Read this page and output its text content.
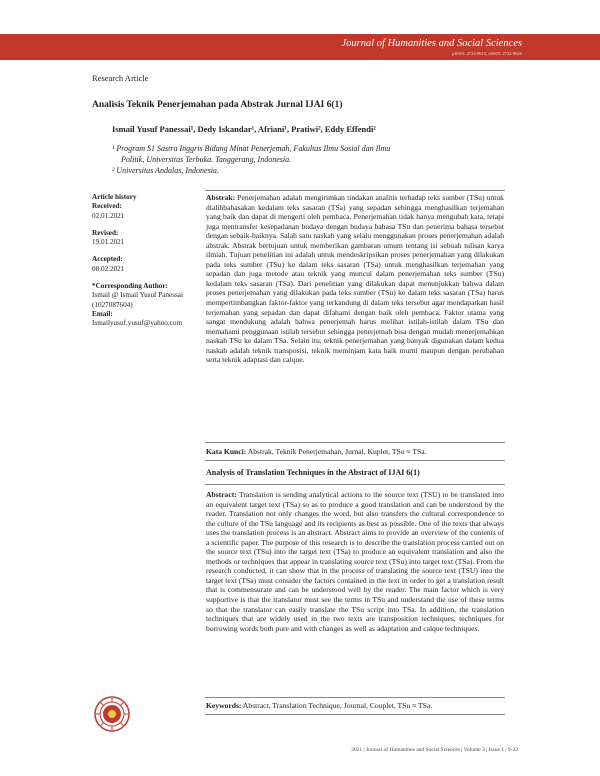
Journal of Humanities and Social Sciences
pISSN: 2722-9610, eISSN: 2722-9629
Research Article
Analisis Teknik Penerjemahan pada Abstrak Jurnal IJAI 6(1)
Ismail Yusuf Panessai¹, Dedy Iskandar¹, Afriani¹, Pratiwi², Eddy Effendi²

¹ Program S1 Sastra Inggris Bidang Minat Penerjemah, Fakultas Ilmu Sosial dan Ilmu

Politik, Universitas Terbuka. Tanggerang, Indonesia.

² Universitas Andalas, Indonesia.

Article history

Received:

02.01.2021

Revised:

19.01.2021

Accepted:

08.02.2021

*Corresponding Author:

Ismail @ Ismail Yusuf Panessai (1027087604)

Email:

Ismailyusuf.yusuf@yahoo.com

Abstrak: Penerjemahan adalah mengirimkan tindakan analitis terhadap teks sumber (TSu) untuk dialihbahasakan kedalam teks sasaran (TSa) yang sepadan sehingga menghasilkan terjemahan yang baik dan dapat di mengerti oleh pembaca. Penerjemahan tidak hanya mengubah kata, tetapi juga mentransfer kesepadanan budaya dengan budaya bahasa TSu dan penerima bahasa tersebut dengan sebaik-baiknya. Salah satu naskah yang selalu menggunakan proses penerjemahan adalah abstrak. Abstrak bertujuan untuk memberikan gambaran umum tentang isi sebuah tulisan karya ilmiah. Tujuan penelitian ini adalah untuk mendeskripsikan proses penerjemahan yang dilakukan pada teks sumber (TSu) ke dalam teks sasaran (TSa) untuk menghasilkan terjemahan yang sepadan dan juga metode atau teknik yang muncul dalam penerjemahan teks sumber (TSu) kedalam teks sasaran (TSa). Dari penelitian yang dilakukan dapat menunjukkan bahwa dalam proses penerjemahan yang dilakukan pada teks sumber (TSu) ke dalam teks sasaran (TSa) harus mempertimbangkan faktor-faktor yang terkandung di dalam teks tersebut agar mendapatkan hasil terjemahan yang sepadan dan dapat difahami dengan baik oleh pembaca. Faktor utama yang sangat mendukung adalah bahwa penerjemah harus melihat istilah-istilah dalam TSu dan memahami penggunaan istilah tersebut sehingga penerjemah bisa dengan mudah menerjemahkan naskah TSu ke dalam TSa. Selain itu, teknik penerjemahan yang banyak digunakan dalam kedua naskah adalah teknik transposisi, teknik meminjam kata baik murni maupun dengan perubahan serta teknik adaptasi dan calque.
Kata Kunci: Abstrak, Teknik Penerjemahan, Jurnal, Kuplet, TSu ≈ TSa.
Analysis of Translation Techniques in the Abstract of IJAI 6(1)
Abstract: Translation is sending analytical actions to the source text (TSU) to be translated into an equivalent target text (TSa) so as to produce a good translation and can be understood by the reader. Translation not only changes the word, but also transfers the cultural correspondence to the culture of the TSu language and its recipients as best as possible. One of the texts that always uses the translation process is an abstract. Abstract aims to provide an overview of the contents of a scientific paper. The purpose of this research is to describe the translation process carried out on the source text (TSu) into the target text (TSa) to produce an equivalent translation and also the methods or techniques that appear in translating source text (TSu) into target text (TSa). From the research conducted, it can show that in the process of translating the source text (TSU) into the target text (TSa) must consider the factors contained in the text in order to get a translation result that is commensurate and can be understood well by the reader. The main factor which is very supportive is that the translator must see the terms in TSu and understand the use of these terms so that the translator can easily translate the TSu script into TSa. In addition, the translation techniques that are widely used in the two texts are transposition techniques, techniques for borrowing words both pure and with changes as well as adaptation and calque techniques.
Keywords: Abstract, Translation Technique, Journal, Couplet, TSu ≈ TSa.
2021 | Journal of Humanities and Social Sciences | Volume 3 | Issue 1 | 9-22
